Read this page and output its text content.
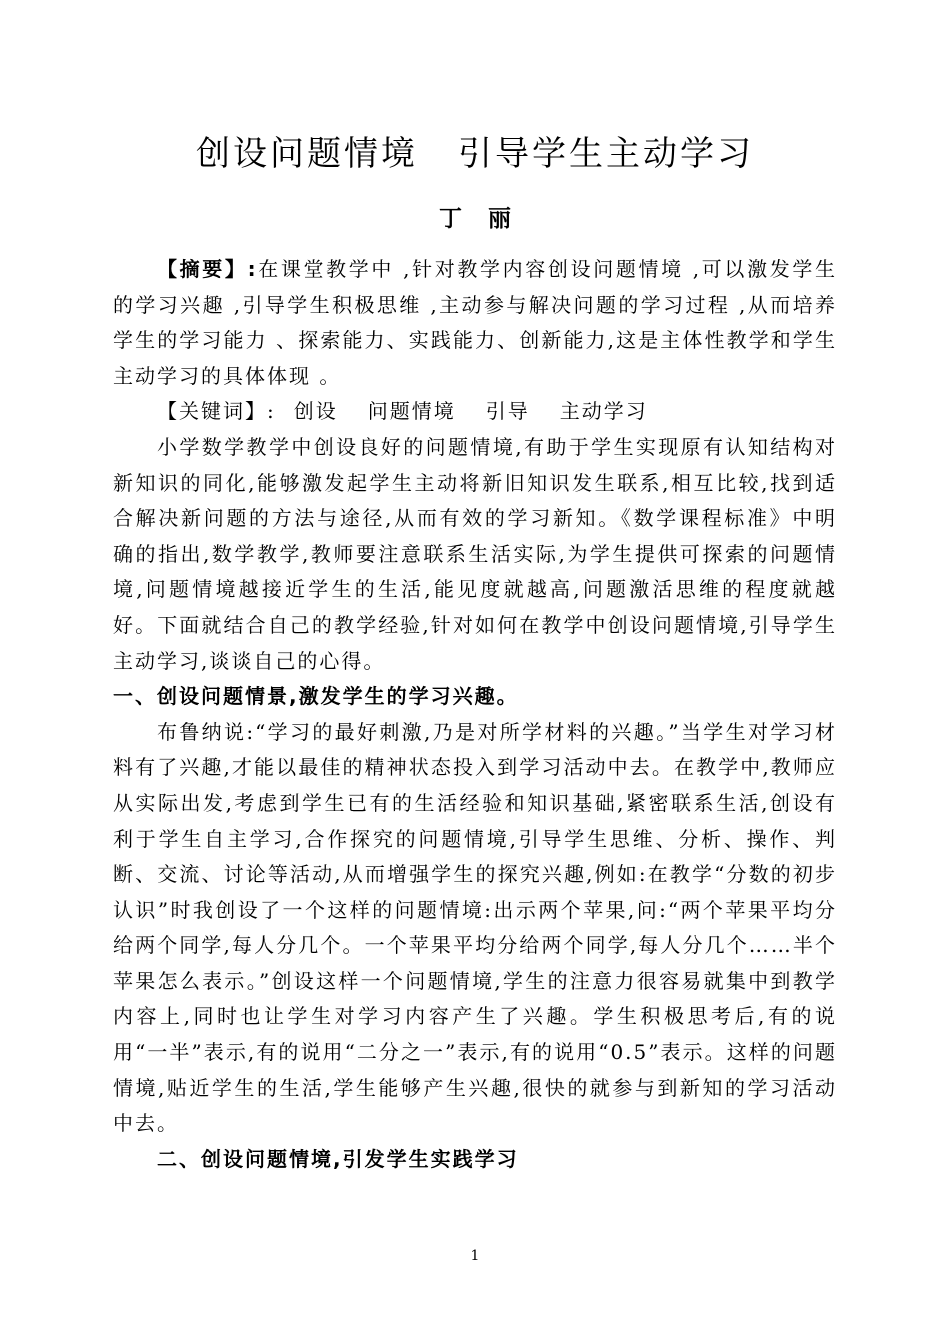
创设问题情境 引导学生主动学习
丁 丽

【摘要】:在课堂教学中 ,针对教学内容创设问题情境 ,可以激发学生的学习兴趣 ,引导学生积极思维 ,主动参与解决问题的学习过程 ,从而培养学生的学习能力 、探索能力、实践能力、创新能力,这是主体性教学和学生主动学习的具体体现 。

【关键词】: 创设 问题情境 引导 主动学习

小学数学教学中创设良好的问题情境,有助于学生实现原有认知结构对新知识的同化,能够激发起学生主动将新旧知识发生联系,相互比较,找到适合解决新问题的方法与途径,从而有效的学习新知。《数学课程标准》中明确的指出,数学教学,教师要注意联系生活实际,为学生提供可探索的问题情境,问题情境越接近学生的生活,能见度就越高,问题激活思维的程度就越好。下面就结合自己的教学经验,针对如何在教学中创设问题情境,引导学生主动学习,谈谈自己的心得。

一、创设问题情景,激发学生的学习兴趣。

布鲁纳说:“学习的最好刺激,乃是对所学材料的兴趣。”当学生对学习材料有了兴趣,才能以最佳的精神状态投入到学习活动中去。在教学中,教师应从实际出发,考虑到学生已有的生活经验和知识基础,紧密联系生活,创设有利于学生自主学习,合作探究的问题情境,引导学生思维、分析、操作、判断、交流、讨论等活动,从而增强学生的探究兴趣,例如:在教学“分数的初步认识”时我创设了一个这样的问题情境:出示两个苹果,问:“两个苹果平均分给两个同学,每人分几个。一个苹果平均分给两个同学,每人分几个……半个苹果怎么表示。”创设这样一个问题情境,学生的注意力很容易就集中到教学内容上,同时也让学生对学习内容产生了兴趣。学生积极思考后,有的说用“一半”表示,有的说用“二分之一”表示,有的说用“0.5”表示。这样的问题情境,贴近学生的生活,学生能够产生兴趣,很快的就参与到新知的学习活动中去。

二、创设问题情境,引发学生实践学习

1
